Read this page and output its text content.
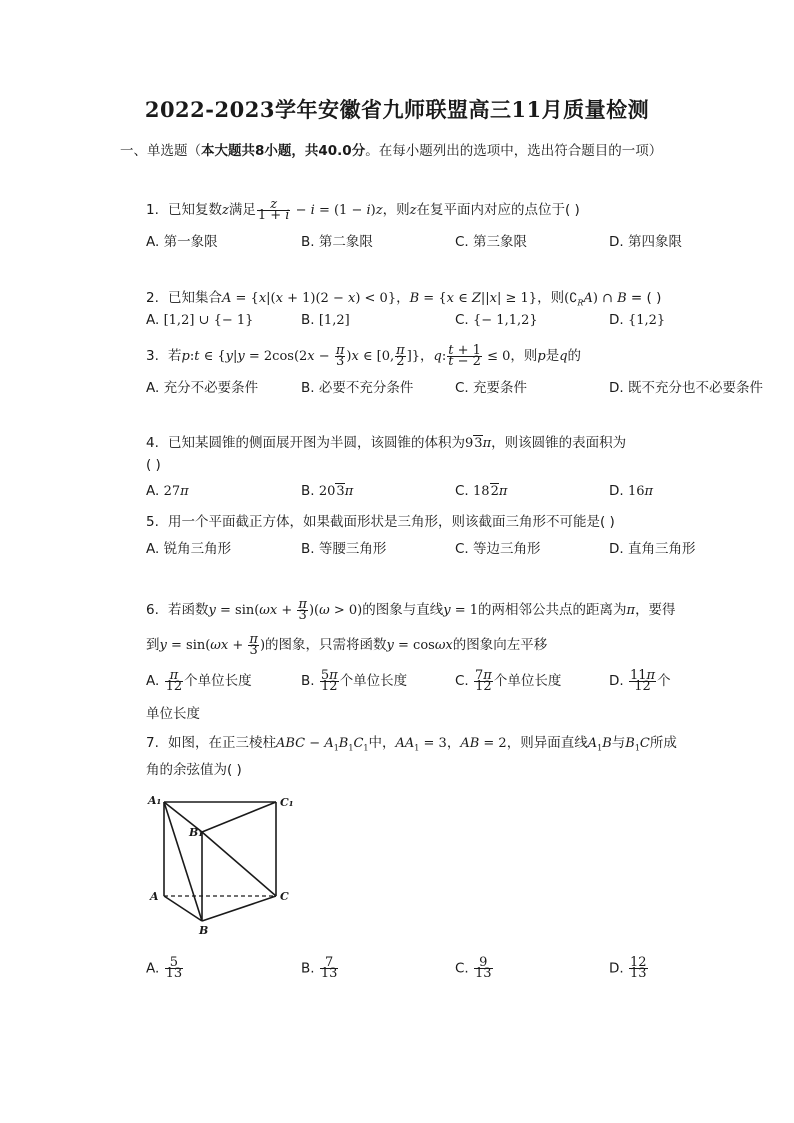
2022-2023学年安徽省九师联盟高三11月质量检测
一、单选题（本大题共8小题，共40.0分。在每小题列出的选项中，选出符合题目的一项）
1. 已知复数z满足 $\frac{z}{1 + i} - i = (1 - i)z$，则z在复平面内对应的点位于( )
A. 第一象限	B. 第二象限	C. 第三象限	D. 第四象限
2. 已知集合A = {x|(x + 1)(2 − x) < 0}，B = {x ∈ Z||x| ≥ 1}，则$(∁_RA)$ ∩ B = ( )
A. [1,2] ∪ {− 1}	B. [1,2]	C. {− 1,1,2}	D. {1,2}
3. 若p:t ∈ {$y|y = 2\cos(2x - \frac{\pi}{3} )x$ ∈ [0, $\frac{\pi}{2}$ ]}，q: $\frac{t + 1}{t - 2} \le 0$，则p是q的
A. 充分不必要条件	B. 必要不充分条件	C. 充要条件	D. 既不充分也不必要条件
4. 已知某圆锥的侧面展开图为半圆，该圆锥的体积为93π，则该圆锥的表面积为
( )
A. 27π	B. 203π	C. 182π	D. 16π
5. 用一个平面截正方体，如果截面形状是三角形，则该截面三角形不可能是( )
A. 锐角三角形	B. 等腰三角形	C. 等边三角形	D. 直角三角形
6. 若函数$y = \sin(\omega x + \frac{\pi}{3} )(\omega > 0)$的图象与直线y = 1的两相邻公共点的距离为π，要得
到$y = \sin(\omega x + \frac{\pi}{3}$ )的图象，只需将函数y = cosωx的图象向左平移
A. $\frac{\pi}{12}$ 个单位长度	B. $\frac{5\pi}{12}$ 个单位长度	C. $\frac{7\pi}{12}$ 个单位长度	D. $\frac{11\pi}{12}$ 个
单位长度
7. 如图，在正三棱柱ABC − $A_1B_1C_1$中，$AA_1 = 3$，AB = 2，则异面直线$A_1B$与$B_1C$所成
角的余弦值为( )
A₁	C₁
B₁
A	C
B
A. $\frac{5}{13}$	B. $\frac{7}{13}$	C. $\frac{9}{13}$	D. $\frac{12}{13}$
